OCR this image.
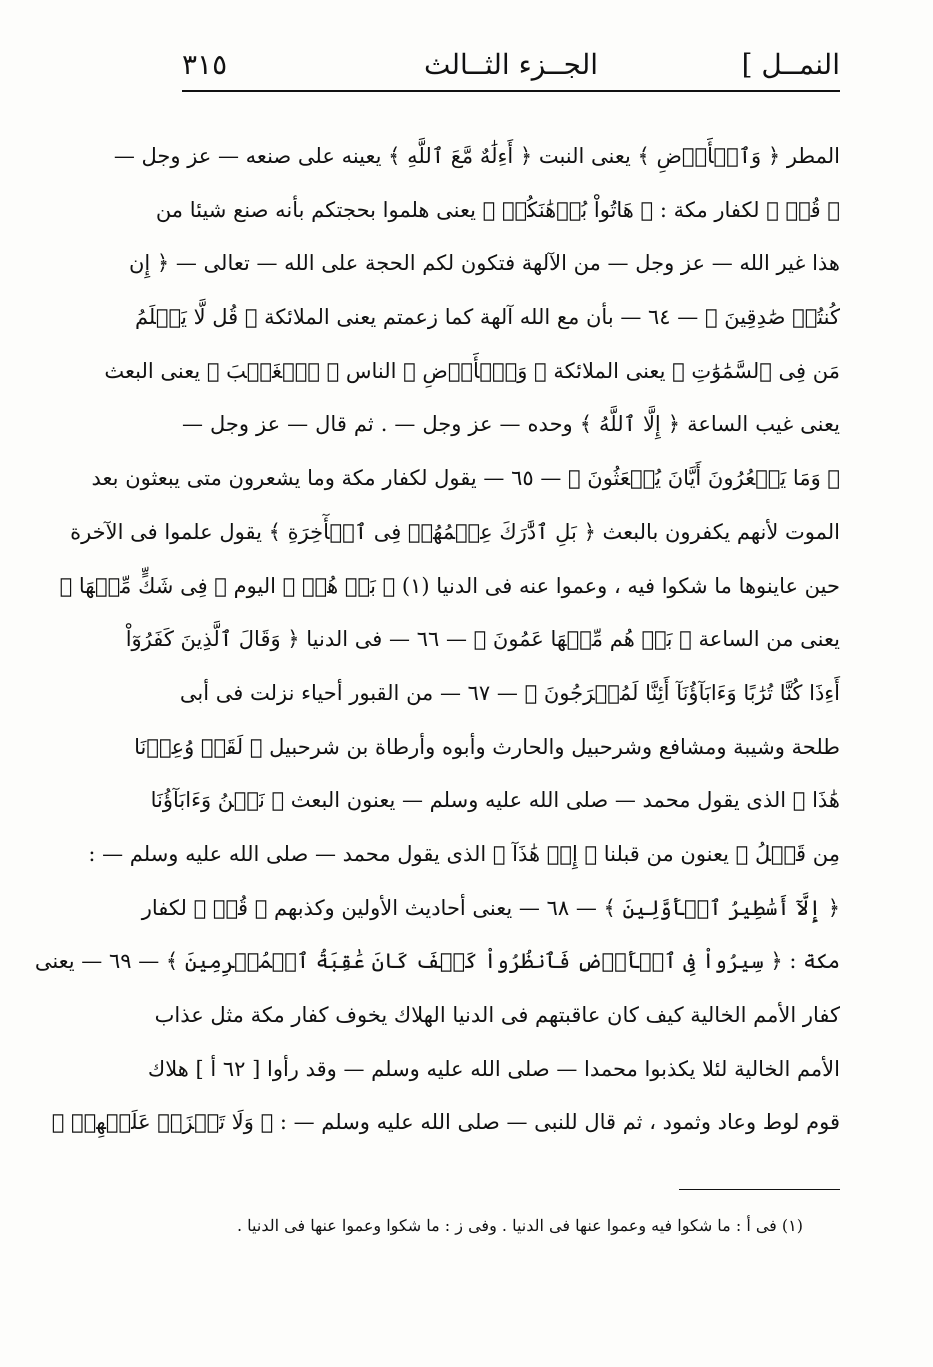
النمــل ]
الجــزء الثــالث
٣١٥
المطر ﴿ وَٱلۡأَرۡضِ ﴾ يعنى النبت ﴿ أَءِلَٰهٌ مَّعَ ٱللَّهِ ﴾ يعينه على صنعه — عز وجل —
﴿ قُلۡ ﴾ لكفار مكة : ﴿ هَاتُواْ بُرۡهَٰنَكُمۡ ﴾ يعنى هلموا بحجتكم بأنه صنع شيئا من
هذا غير الله — عز وجل — من الآلهة فتكون لكم الحجة على الله — تعالى — ﴿ إِن
كُنتُمۡ صَٰدِقِينَ ﴾ — ٦٤ — بأن مع الله آلهة كما زعمتم يعنى الملائكة ﴿ قُل لَّا يَعۡلَمُ
مَن فِى ٱلسَّمَٰوَٰتِ ﴾ يعنى الملائكة ﴿ وَٱلۡأَرۡضِ ﴾ الناس ﴿ ٱلۡغَيۡبَ ﴾ يعنى البعث
يعنى غيب الساعة ﴿ إِلَّا ٱللَّهُ ﴾ وحده — عز وجل — . ثم قال — عز وجل —
﴿ وَمَا يَشۡعُرُونَ أَيَّانَ يُبۡعَثُونَ ﴾ — ٦٥ — يقول لكفار مكة وما يشعرون متى يبعثون بعد
الموت لأنهم يكفرون بالبعث ﴿ بَلِ ٱدَّٰرَكَ عِلۡمُهُمۡ فِى ٱلۡأٓخِرَةِ ﴾ يقول علموا فى الآخرة
حين عاينوها ما شكوا فيه ، وعموا عنه فى الدنيا (١) ﴿ بَلۡ هُمۡ ﴾ اليوم ﴿ فِى شَكٍّ مِّنۡهَا ﴾
يعنى من الساعة ﴿ بَلۡ هُم مِّنۡهَا عَمُونَ ﴾ — ٦٦ — فى الدنيا ﴿ وَقَالَ ٱلَّذِينَ كَفَرُوٓاْ
أَءِذَا كُنَّا تُرَٰبًا وَءَابَآؤُنَآ أَئِنَّا لَمُخۡرَجُونَ ﴾ — ٦٧ — من القبور أحياء نزلت فى أبى
طلحة وشيبة ومشافع وشرحبيل والحارث وأبوه وأرطاة بن شرحبيل ﴿ لَقَدۡ وُعِدۡنَا
هَٰذَا ﴾ الذى يقول محمد — صلى الله عليه وسلم — يعنون البعث ﴿ نَحۡنُ وَءَابَآؤُنَا
مِن قَبۡلُ ﴾ يعنون من قبلنا ﴿ إِنۡ هَٰذَآ ﴾ الذى يقول محمد — صلى الله عليه وسلم — :
﴿ إِلَّآ أَسَٰطِيرُ ٱلۡأَوَّلِينَ ﴾ — ٦٨ — يعنى أحاديث الأولين وكذبهم ﴿ قُلۡ ﴾ لكفار
مكة : ﴿ سِيرُواْ فِى ٱلۡأَرۡضِ فَٱنظُرُواْ كَيۡفَ كَانَ عَٰقِبَةُ ٱلۡمُجۡرِمِينَ ﴾ — ٦٩ — يعنى
كفار الأمم الخالية كيف كان عاقبتهم فى الدنيا الهلاك يخوف كفار مكة مثل عذاب
الأمم الخالية لئلا يكذبوا محمدا — صلى الله عليه وسلم — وقد رأوا [ ٦٢ أ ] هلاك
قوم لوط وعاد وثمود ، ثم قال للنبى — صلى الله عليه وسلم — : ﴿ وَلَا تَحۡزَنۡ عَلَيۡهِمۡ ﴾
(١) فى أ : ما شكوا فيه وعموا عنها فى الدنيا . وفى ز : ما شكوا وعموا عنها فى الدنيا .
